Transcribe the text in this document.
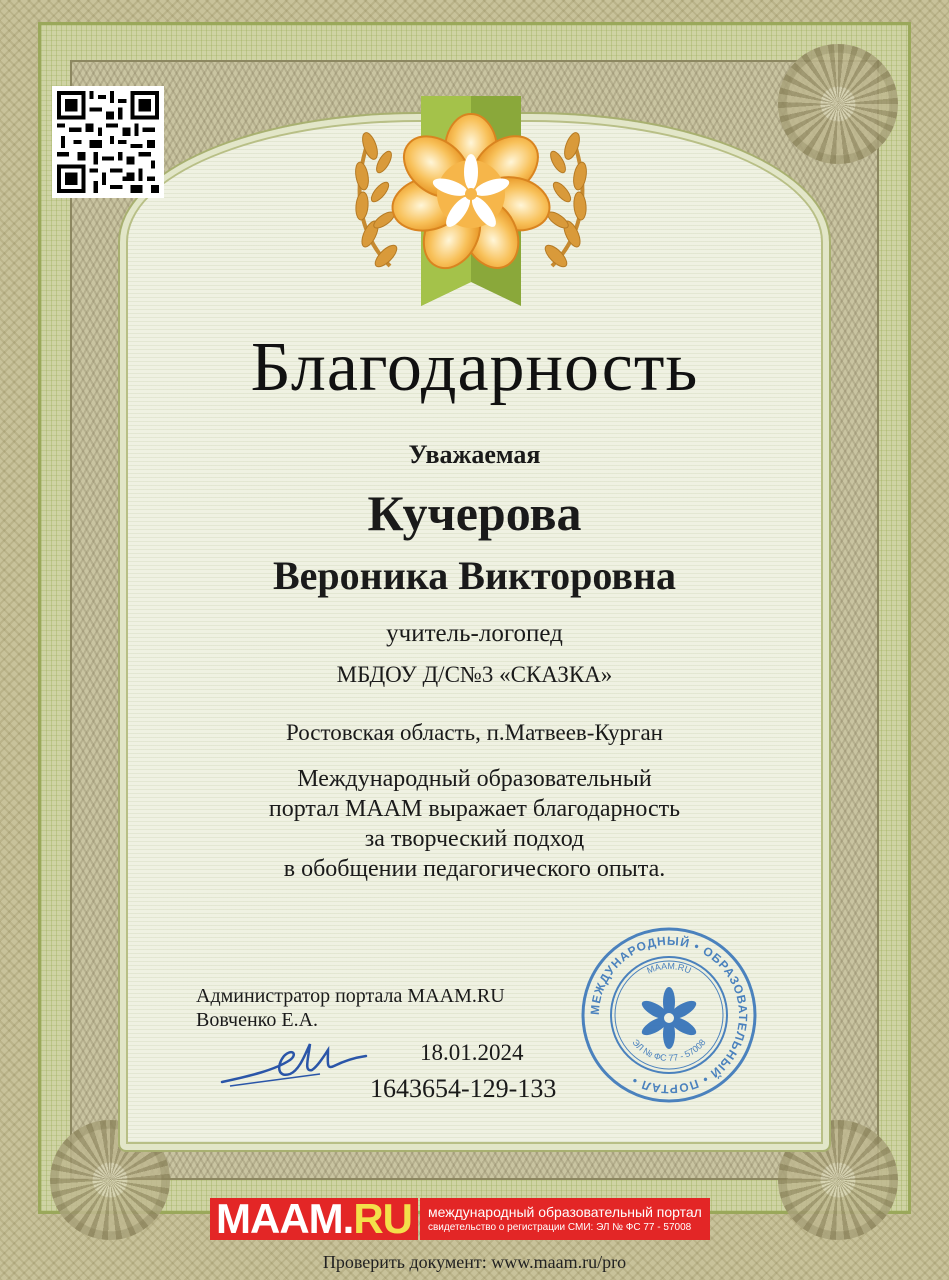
Благодарность
Уважаемая
Кучерова
Вероника Викторовна
учитель-логопед
МБДОУ Д/С№3 «СКАЗКА»
Ростовская область, п.Матвеев-Курган
Международный образовательный
портал МААМ выражает благодарность
за творческий подход
в обобщении педагогического опыта.
Администратор портала MAAM.RU
Вовченко Е.А.
18.01.2024
1643654-129-133
МЕЖДУНАРОДНЫЙ • ОБРАЗОВАТЕЛЬНЫЙ • ПОРТАЛ •
MAAM.RU
ЭЛ № ФС 77 - 57008
MAAM.RU	международный образовательный портал
свидетельство о регистрации СМИ: ЭЛ № ФС 77 - 57008
Проверить документ: www.maam.ru/pro
